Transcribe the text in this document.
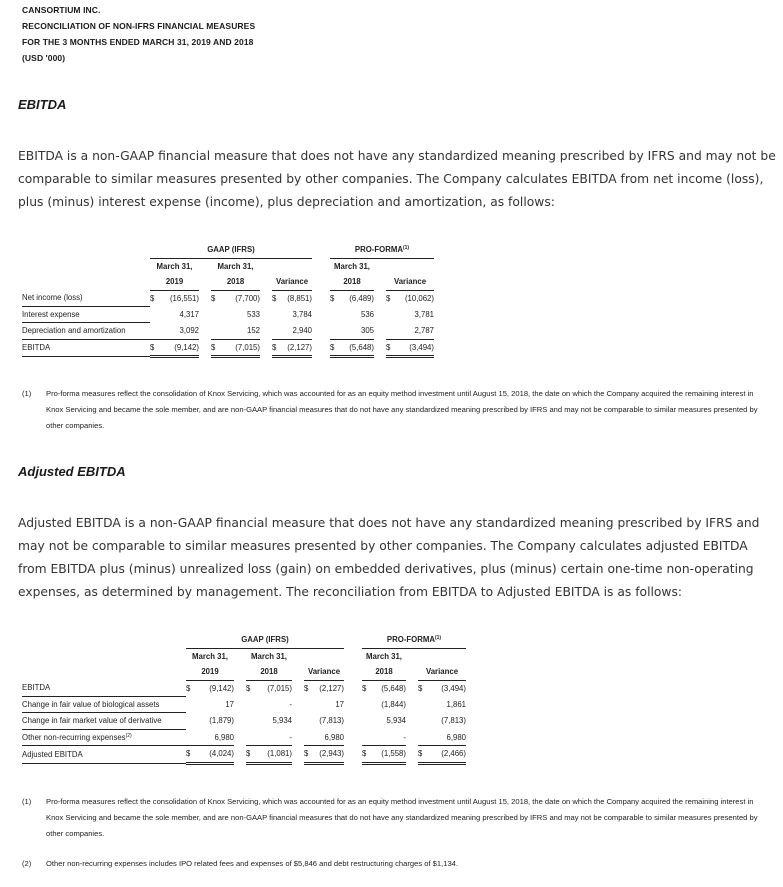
CANSORTIUM INC.
RECONCILIATION OF NON-IFRS FINANCIAL MEASURES
FOR THE 3 MONTHS ENDED MARCH 31, 2019 AND 2018
(USD '000)
EBITDA
EBITDA is a non-GAAP financial measure that does not have any standardized meaning prescribed by IFRS and may not be comparable to similar measures presented by other companies. The Company calculates EBITDA from net income (loss), plus (minus) interest expense (income), plus depreciation and amortization, as follows:
		GAAP (IFRS)									PRO-FORMA$^{(1)}$
		March 31,			March 31,						March 31,				
		2019			2018			Variance			2018			Variance	
Net income (loss)		$	(16,551)		$	(7,700)		$	(8,851)		$	(6,489)		$	(10,062)
Interest expense			4,317			533			3,784			536			3,781
Depreciation and amortization			3,092			152			2,940			305			2,787
EBITDA		$	(9,142)		$	(7,015)		$	(2,127)		$	(5,648)		$	(3,494)
(1)	Pro-forma measures reflect the consolidation of Knox Servicing, which was accounted for as an equity method investment until August 15, 2018, the date on which the Company acquired the remaining interest in Knox Servicing and became the sole member, and are non-GAAP financial measures that do not have any standardized meaning prescribed by IFRS and may not be comparable to similar measures presented by other companies.
Adjusted EBITDA
Adjusted EBITDA is a non-GAAP financial measure that does not have any standardized meaning prescribed by IFRS and may not be comparable to similar measures presented by other companies. The Company calculates adjusted EBITDA from EBITDA plus (minus) unrealized loss (gain) on embedded derivatives, plus (minus) certain one-time non-operating expenses, as determined by management. The reconciliation from EBITDA to Adjusted EBITDA is as follows:
		GAAP (IFRS)									PRO-FORMA$^{(1)}$
		March 31,			March 31,						March 31,				
		2019			2018			Variance			2018			Variance	
EBITDA		$	(9,142)		$	(7,015)		$	(2,127)		$	(5,648)		$	(3,494)
Change in fair value of biological assets			17			-			17			(1,844)			1,861
Change in fair market value of derivative			(1,879)			5,934			(7,813)			5,934			(7,813)
Other non-recurring expenses$^{(2)}$			6,980			-			6,980			-			6,980
Adjusted EBITDA		$	(4,024)		$	(1,081)		$	(2,943)		$	(1,558)		$	(2,466)
(1)	Pro-forma measures reflect the consolidation of Knox Servicing, which was accounted for as an equity method investment until August 15, 2018, the date on which the Company acquired the remaining interest in Knox Servicing and became the sole member, and are non-GAAP financial measures that do not have any standardized meaning prescribed by IFRS and may not be comparable to similar measures presented by other companies.
(2)	Other non-recurring expenses includes IPO related fees and expenses of $5,846 and debt restructuring charges of $1,134.
